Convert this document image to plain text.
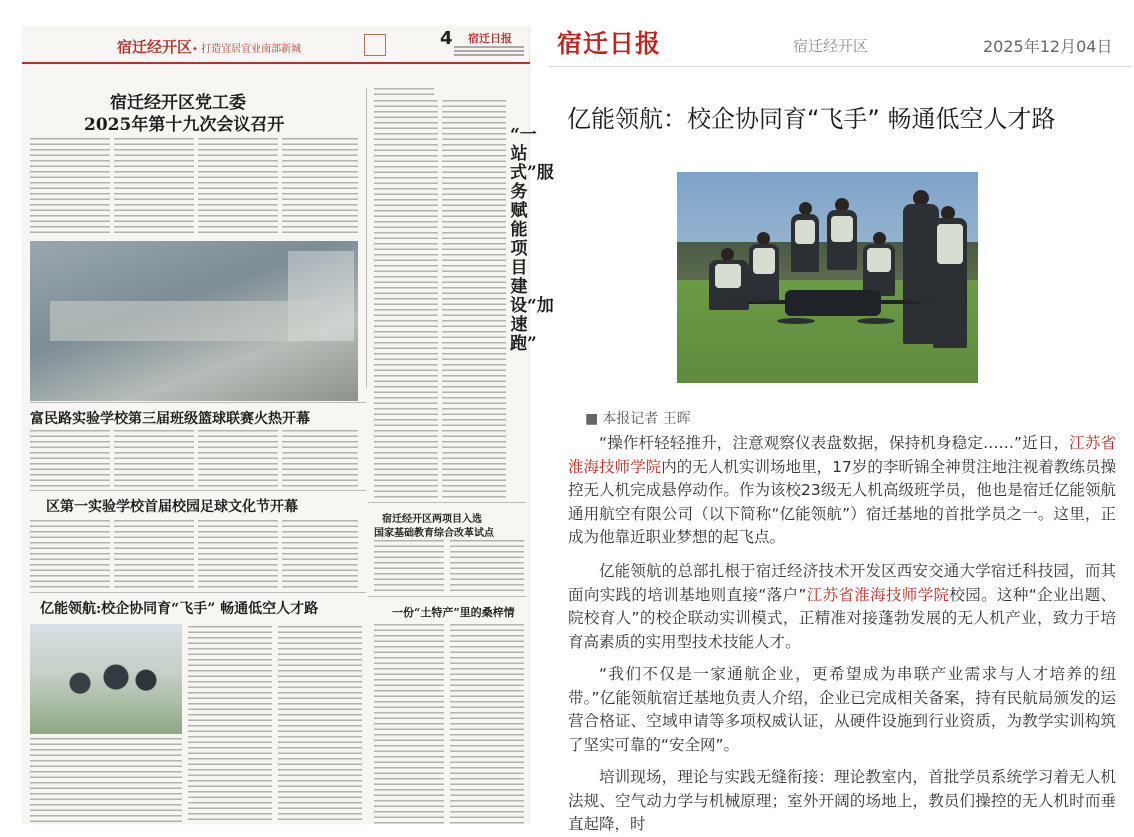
宿迁经开区• 打造宜居宜业南部新城
4 宿迁日报
宿迁经开区党工委
2025年第十九次会议召开	“一站式”服务赋能项目建设“加速跑”
富民路实验学校第三届班级篮球联赛火热开幕
区第一实验学校首届校园足球文化节开幕
宿迁经开区两项目入选
国家基础教育综合改革试点
亿能领航:校企协同育“飞手” 畅通低空人才路	一份“土特产”里的桑梓情
宿迁日报	宿迁经开区	2025年12月04日
亿能领航：校企协同育“飞手” 畅通低空人才路
■ 本报记者 王晖

“操作杆轻轻推升，注意观察仪表盘数据，保持机身稳定……”近日，江苏省淮海技师学院内的无人机实训场地里，17岁的李昕锦全神贯注地注视着教练员操控无人机完成悬停动作。作为该校23级无人机高级班学员，他也是宿迁亿能领航通用航空有限公司（以下简称“亿能领航”）宿迁基地的首批学员之一。这里，正成为他靠近职业梦想的起飞点。

亿能领航的总部扎根于宿迁经济技术开发区西安交通大学宿迁科技园，而其面向实践的培训基地则直接“落户”江苏省淮海技师学院校园。这种“企业出题、院校育人”的校企联动实训模式，正精准对接蓬勃发展的无人机产业，致力于培育高素质的实用型技术技能人才。

“我们不仅是一家通航企业，更希望成为串联产业需求与人才培养的纽带。”亿能领航宿迁基地负责人介绍，企业已完成相关备案，持有民航局颁发的运营合格证、空域申请等多项权威认证，从硬件设施到行业资质，为教学实训构筑了坚实可靠的“安全网”。

培训现场，理论与实践无缝衔接：理论教室内，首批学员系统学习着无人机法规、空气动力学与机械原理；室外开阔的场地上，教员们操控的无人机时而垂直起降，时
